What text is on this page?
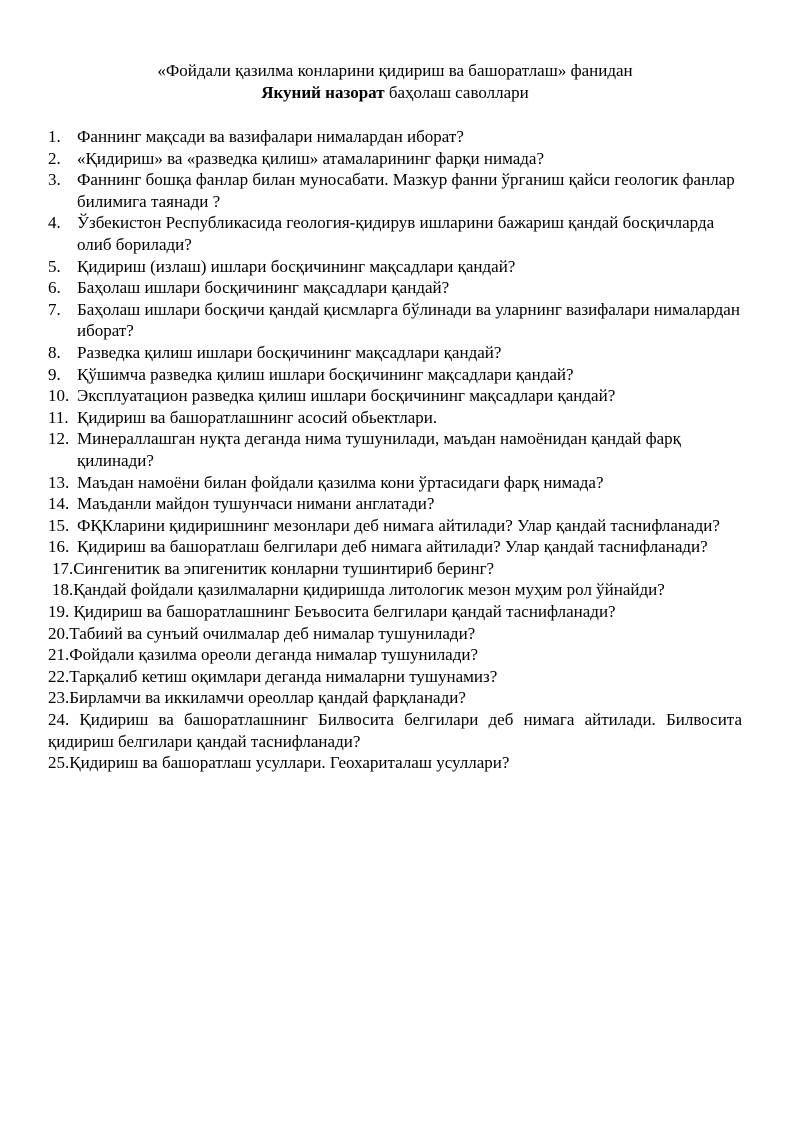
«Фойдали қазилма конларини қидириш ва башоратлаш» фанидан
Якуний назорат баҳолаш саволлари
1. Фаннинг мақсади ва вазифалари нималардан иборат?
2. «Қидириш» ва «разведка қилиш» атамаларининг фарқи нимада?
3. Фаннинг бошқа фанлар билан муносабати. Мазкур фанни ўрганиш қайси геологик фанлар билимига таянади ?
4. Ўзбекистон Республикасида геология-қидирув ишларини бажариш қандай босқичларда олиб борилади?
5. Қидириш (излаш) ишлари босқичининг мақсадлари қандай?
6. Баҳолаш ишлари босқичининг мақсадлари қандай?
7. Баҳолаш ишлари босқичи қандай қисмларга бўлинади ва уларнинг вазифалари нималардан иборат?
8. Разведка қилиш ишлари босқичининг мақсадлари қандай?
9. Қўшимча разведка қилиш ишлари босқичининг мақсадлари қандай?
10. Эксплуатацион разведка қилиш ишлари босқичининг мақсадлари қандай?
11. Қидириш ва башоратлашнинг асосий обьектлари.
12. Минераллашган нуқта деганда нима тушунилади, маъдан намоёнидан қандай фарқ қилинади?
13. Маъдан намоёни билан фойдали қазилма кони ўртасидаги фарқ нимада?
14. Маъданли майдон тушунчаси нимани англатади?
15. ФҚКларини қидиришнинг мезонлари деб нимага айтилади? Улар қандай таснифланади?
16. Қидириш ва башоратлаш белгилари деб нимага айтилади? Улар қандай таснифланади?
17.Сингенитик ва эпигенитик конларни тушинтириб беринг?
18.Қандай фойдали қазилмаларни қидиришда литологик мезон муҳим рол ўйнайди?
19. Қидириш ва башоратлашнинг Беъвосита белгилари қандай таснифланади?
20.Табиий ва сунъий очилмалар деб нималар тушунилади?
21.Фойдали қазилма ореоли деганда нималар тушунилади?
22.Тарқалиб кетиш оқимлари деганда нималарни тушунамиз?
23.Бирламчи ва иккиламчи ореоллар қандай фарқланади?
24. Қидириш ва башоратлашнинг Билвосита белгилари деб нимага айтилади. Билвосита қидириш белгилари қандай таснифланади?
25.Қидириш ва башоратлаш усуллари. Геохариталаш усуллари?
